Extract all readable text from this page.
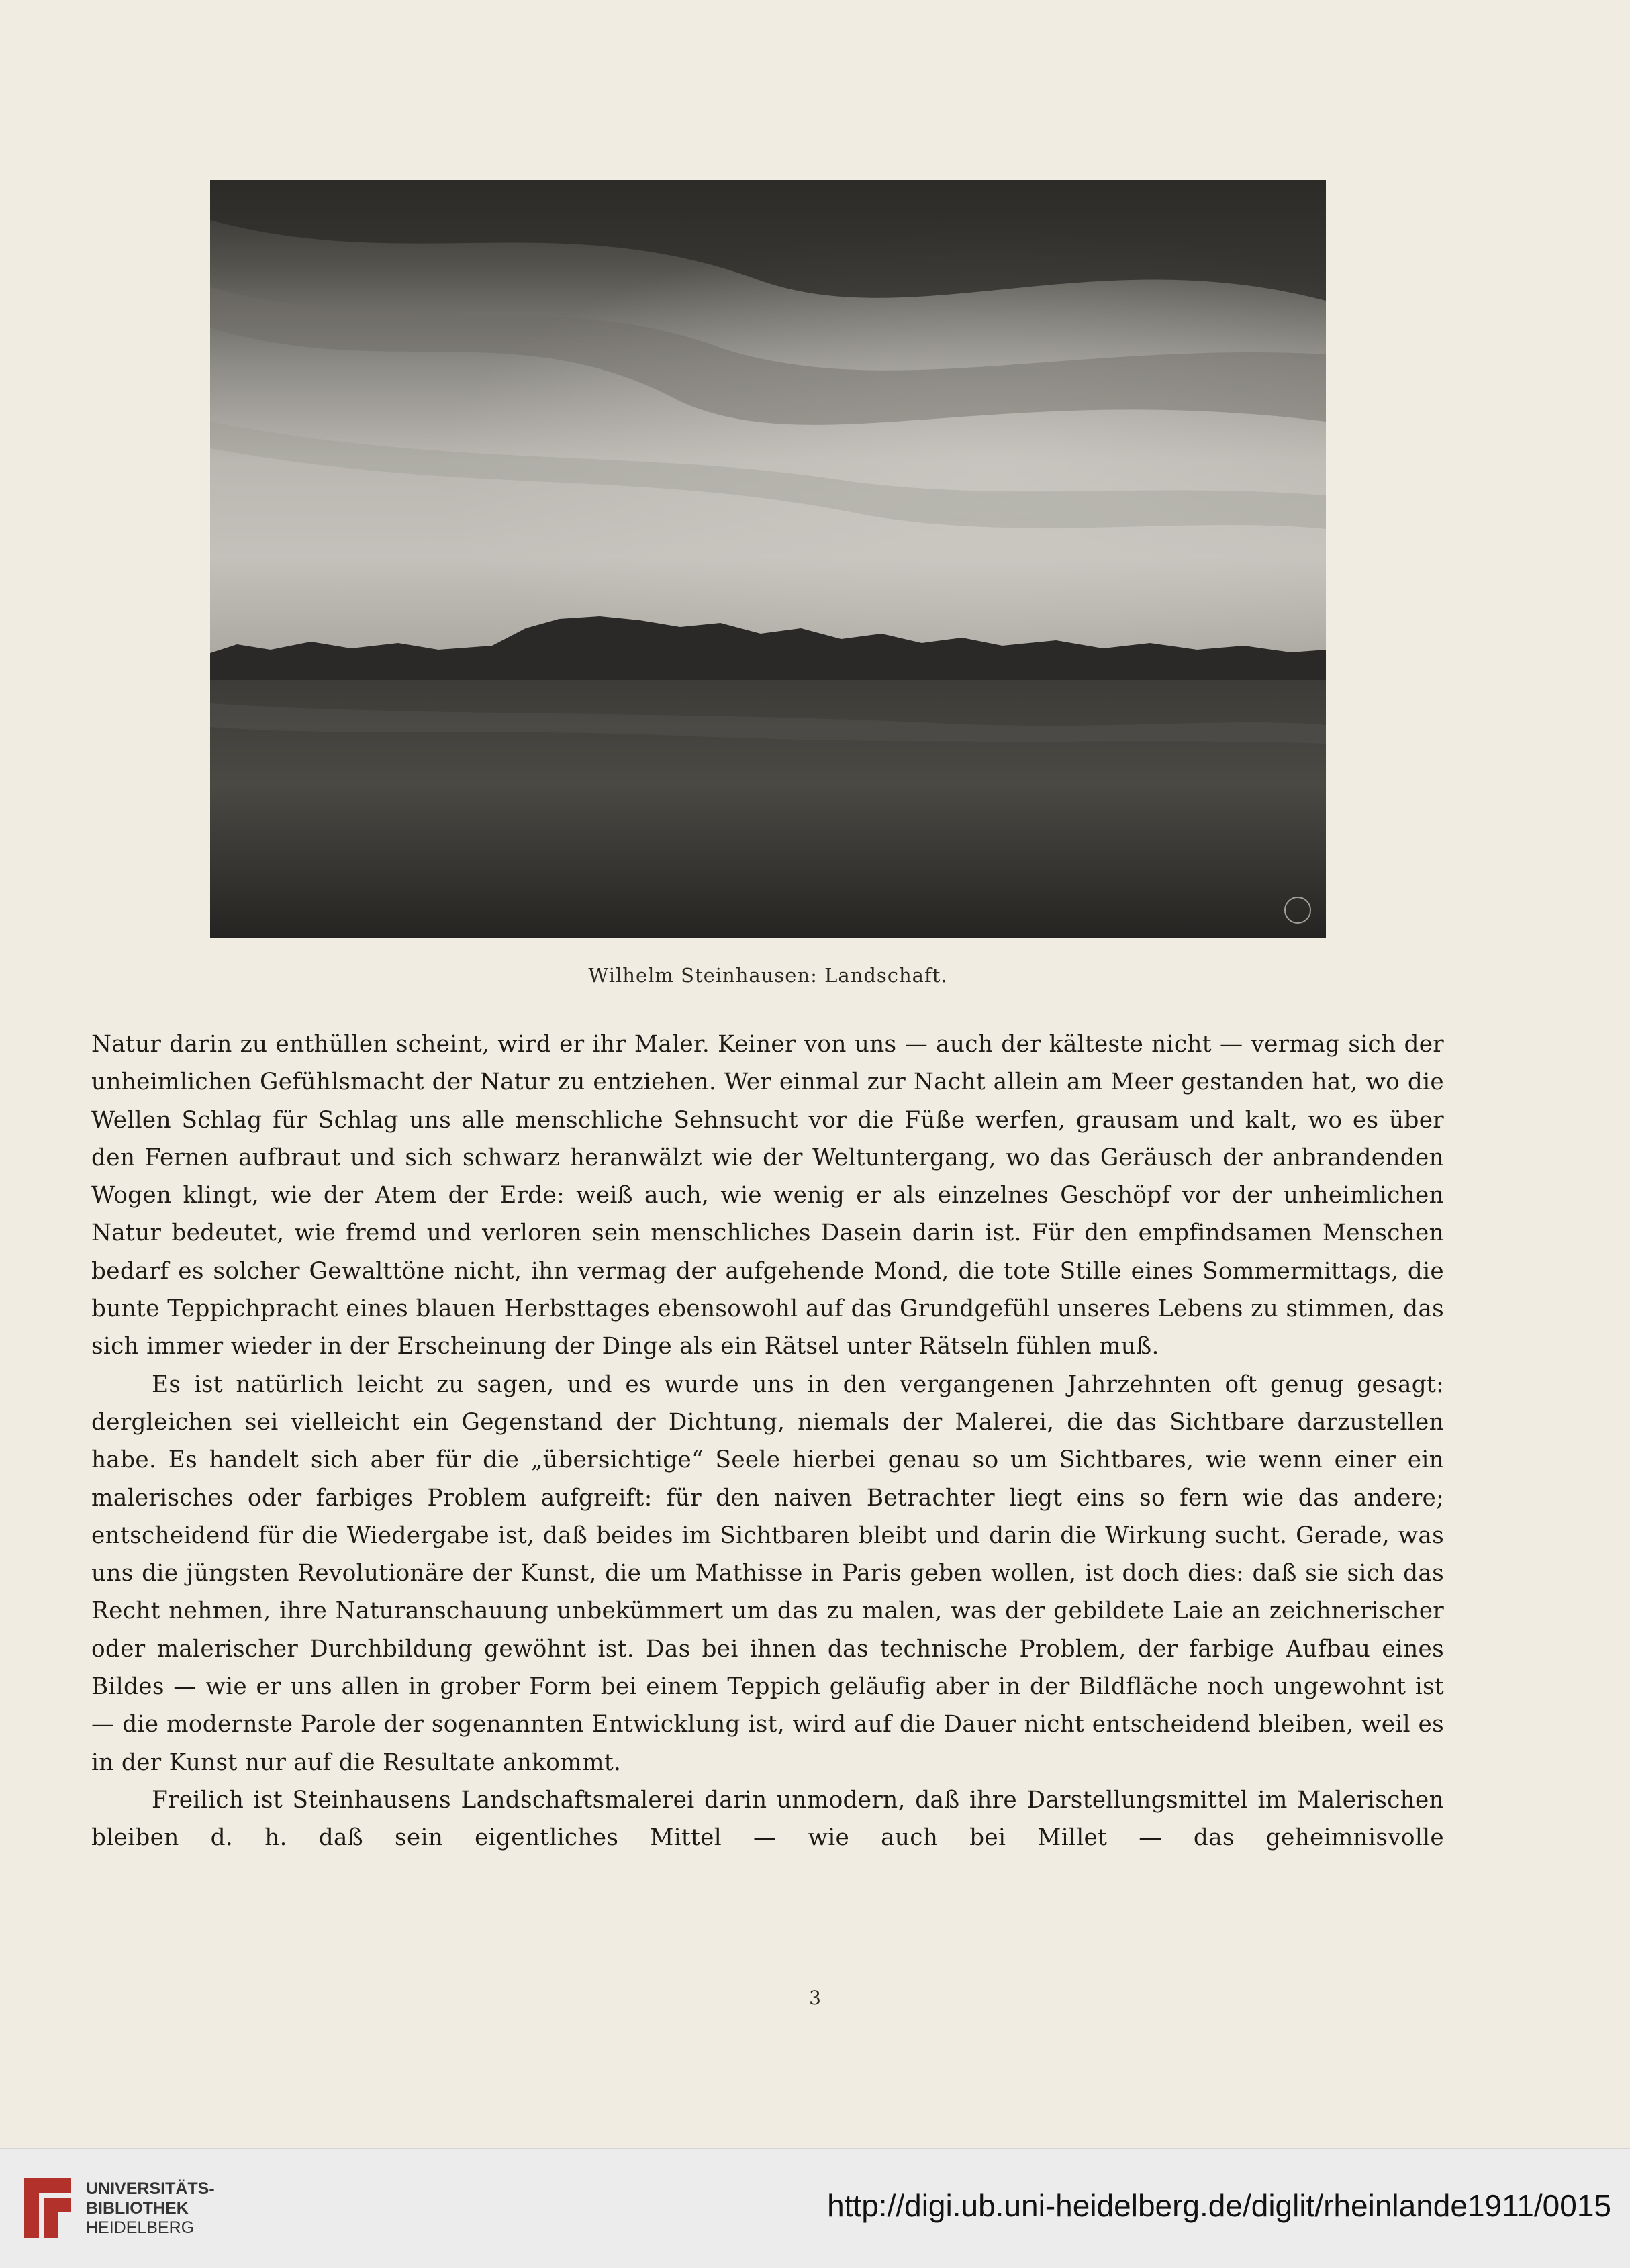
Wilhelm Steinhausen: Landschaft.

Natur darin zu enthüllen scheint, wird er ihr Maler. Keiner von uns — auch der kälteste nicht — vermag sich der unheimlichen Gefühlsmacht der Natur zu entziehen. Wer einmal zur Nacht allein am Meer gestanden hat, wo die Wellen Schlag für Schlag uns alle menschliche Sehnsucht vor die Füße werfen, grausam und kalt, wo es über den Fernen aufbraut und sich schwarz heranwälzt wie der Weltuntergang, wo das Geräusch der anbrandenden Wogen klingt, wie der Atem der Erde: weiß auch, wie wenig er als einzelnes Geschöpf vor der unheimlichen Natur bedeutet, wie fremd und verloren sein menschliches Dasein darin ist. Für den empfindsamen Menschen bedarf es solcher Gewalttöne nicht, ihn vermag der aufgehende Mond, die tote Stille eines Sommermittags, die bunte Teppichpracht eines blauen Herbsttages ebensowohl auf das Grundgefühl unseres Lebens zu stimmen, das sich immer wieder in der Erscheinung der Dinge als ein Rätsel unter Rätseln fühlen muß.

Es ist natürlich leicht zu sagen, und es wurde uns in den vergangenen Jahrzehnten oft genug gesagt: dergleichen sei vielleicht ein Gegenstand der Dichtung, niemals der Malerei, die das Sichtbare darzustellen habe. Es handelt sich aber für die „übersichtige“ Seele hierbei genau so um Sichtbares, wie wenn einer ein malerisches oder farbiges Problem aufgreift: für den naiven Betrachter liegt eins so fern wie das andere; entscheidend für die Wiedergabe ist, daß beides im Sichtbaren bleibt und darin die Wirkung sucht. Gerade, was uns die jüngsten Revolutionäre der Kunst, die um Mathisse in Paris geben wollen, ist doch dies: daß sie sich das Recht nehmen, ihre Naturanschauung unbekümmert um das zu malen, was der gebildete Laie an zeichnerischer oder malerischer Durchbildung gewöhnt ist. Das bei ihnen das technische Problem, der farbige Aufbau eines Bildes — wie er uns allen in grober Form bei einem Teppich geläufig aber in der Bildfläche noch ungewohnt ist — die modernste Parole der sogenannten Entwicklung ist, wird auf die Dauer nicht entscheidend bleiben, weil es in der Kunst nur auf die Resultate ankommt.

Freilich ist Steinhausens Landschaftsmalerei darin unmodern, daß ihre Darstellungsmittel im Malerischen bleiben d. h. daß sein eigentliches Mittel — wie auch bei Millet — das geheimnisvolle

3
UNIVERSITÄTS-
BIBLIOTHEK
HEIDELBERG
http://digi.ub.uni-heidelberg.de/diglit/rheinlande1911/0015
